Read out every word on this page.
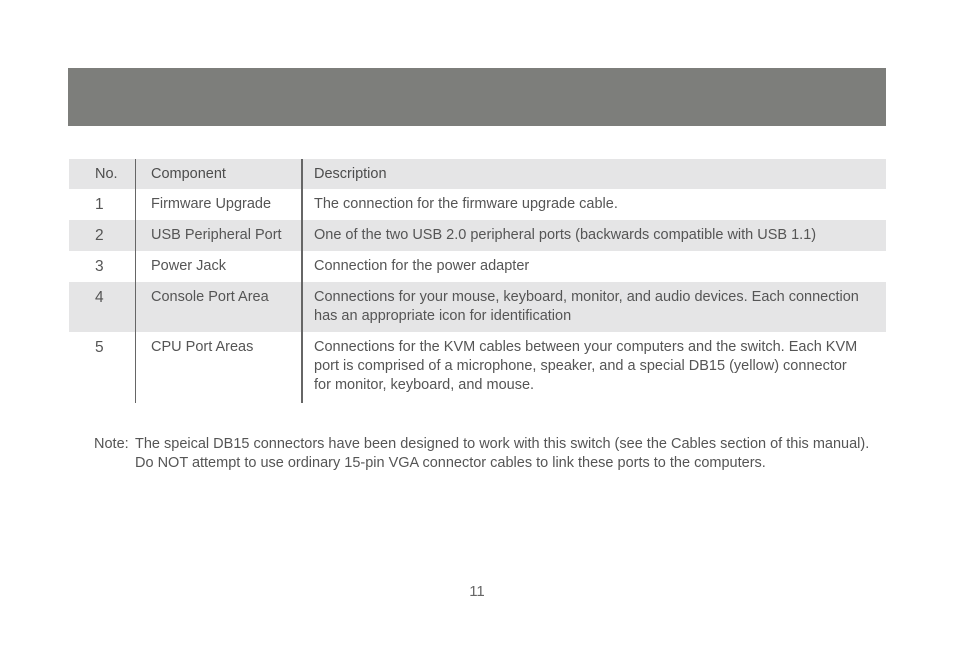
No.	Component	Description
1	Firmware Upgrade	The connection for the firmware upgrade cable.
2	USB Peripheral Port	One of the two USB 2.0 peripheral ports (backwards compatible with USB 1.1)
3	Power Jack	Connection for the power adapter
4	Console Port Area	Connections for your mouse, keyboard, monitor, and audio devices. Each connection has an appropriate icon for identification
5	CPU Port Areas	Connections for the KVM cables between your computers and the switch. Each KVM port is comprised of a microphone, speaker, and a special DB15 (yellow) connector for monitor, keyboard, and mouse.
Note: The speical DB15 connectors have been designed to work with this switch (see the Cables section of this manual). Do NOT attempt to use ordinary 15-pin VGA connector cables to link these ports to the computers.
11
